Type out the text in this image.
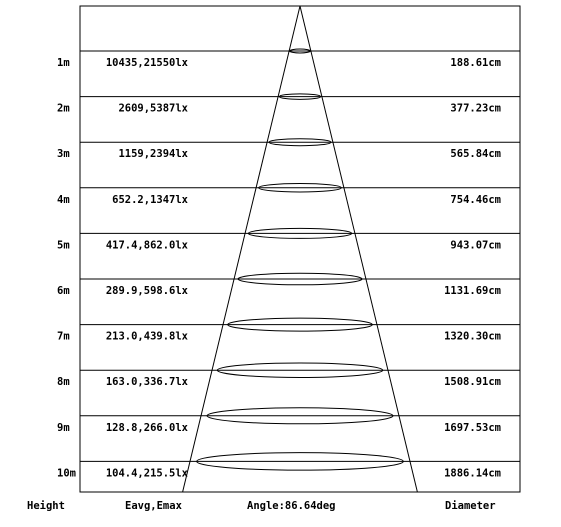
1m	10435,21550lx	188.61cm
2m	2609,5387lx	377.23cm
3m	1159,2394lx	565.84cm
4m	652.2,1347lx	754.46cm
5m	417.4,862.0lx	943.07cm
6m	289.9,598.6lx	1131.69cm
7m	213.0,439.8lx	1320.30cm
8m	163.0,336.7lx	1508.91cm
9m	128.8,266.0lx	1697.53cm
10m	104.4,215.5lx	1886.14cm
Height	Eavg,Emax	Angle:86.64deg	Diameter
